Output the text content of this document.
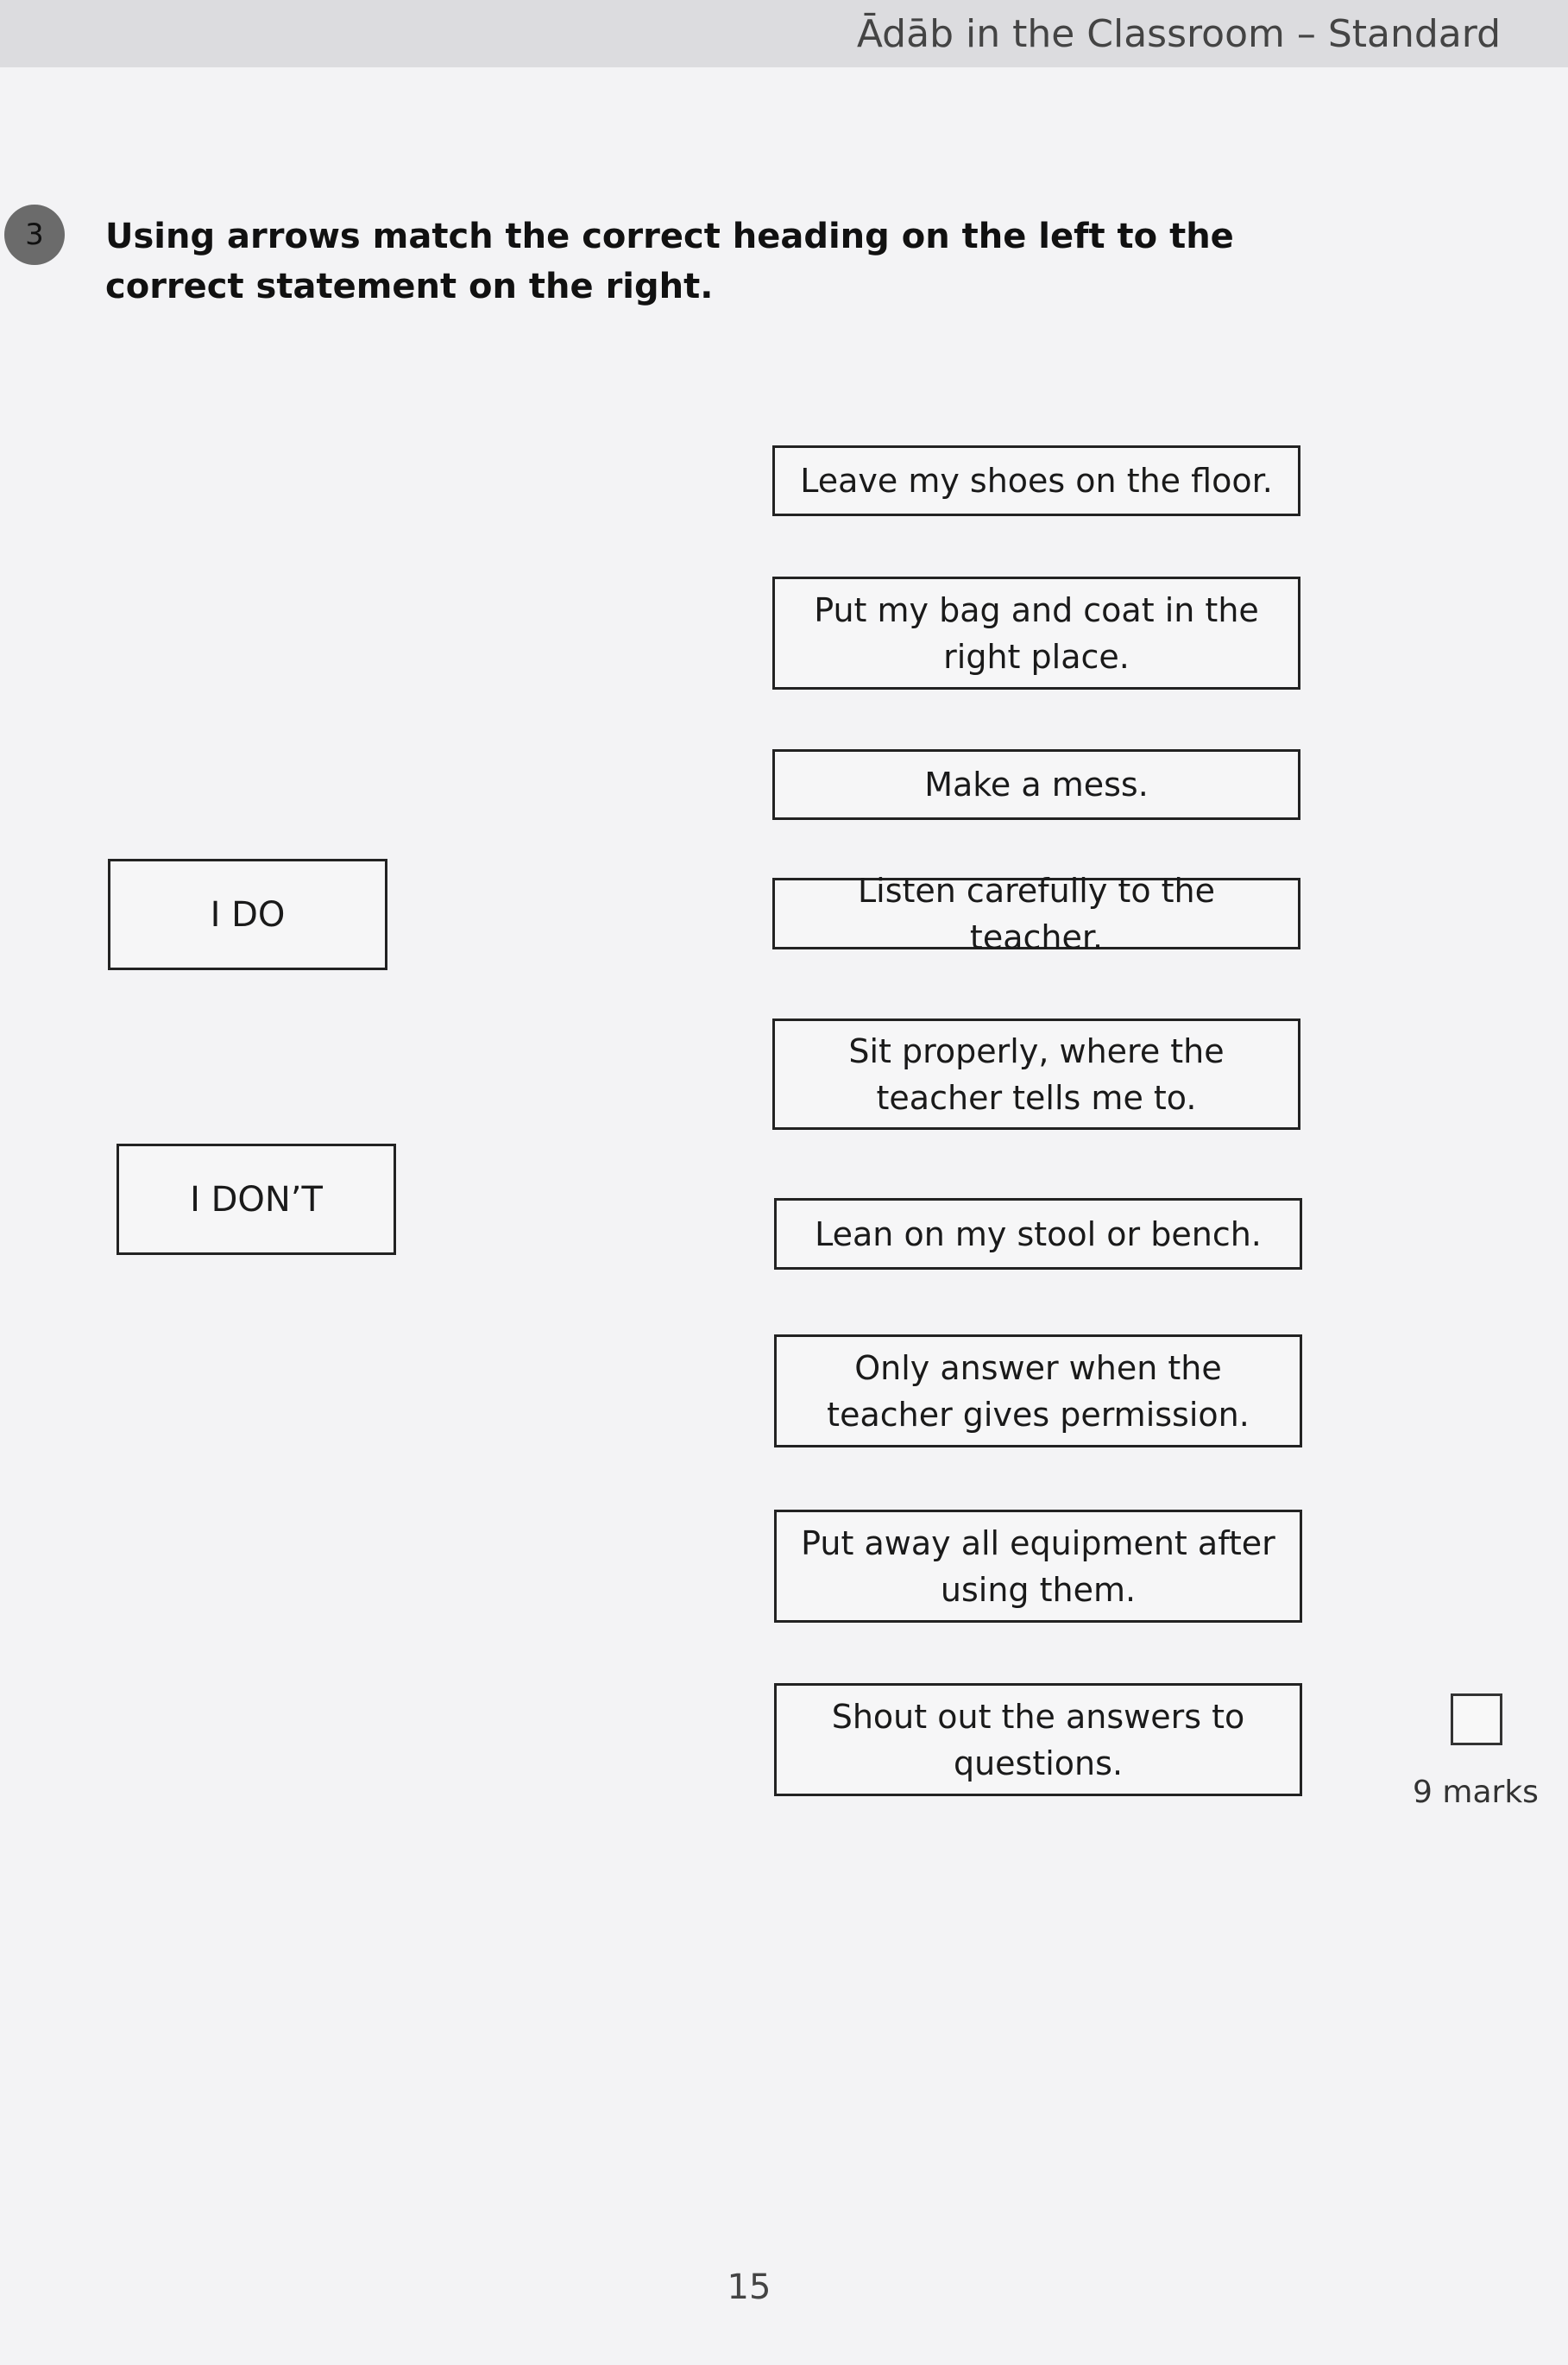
Ādāb in the Classroom – Standard
3	Using arrows match the correct heading on the left to the correct statement on the right.
I DO
I DON’T
Leave my shoes on the floor.
Put my bag and coat in the right place.
Make a mess.
Listen carefully to the teacher.
Sit properly, where the teacher tells me to.
Lean on my stool or bench.
Only answer when the teacher gives permission.
Put away all equipment after using them.
Shout out the answers to questions.
9 marks
15
